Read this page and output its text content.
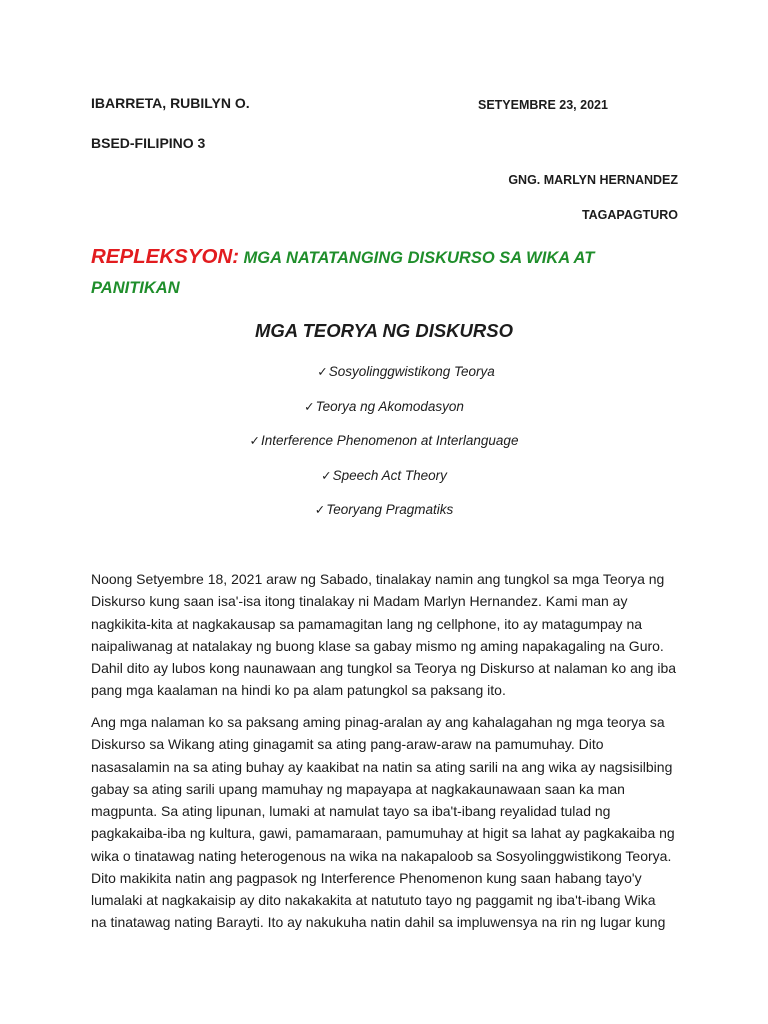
IBARRETA, RUBILYN O.	SETYEMBRE 23, 2021
BSED-FILIPINO 3
GNG. MARLYN HERNANDEZ
TAGAPAGTURO
REPLEKSYON: MGA NATATANGING DISKURSO SA WIKA AT
PANITIKAN
MGA TEORYA NG DISKURSO
✓Sosyolinggwistikong Teorya
✓Teorya ng Akomodasyon
✓Interference Phenomenon at Interlanguage
✓Speech Act Theory
✓Teoryang Pragmatiks
Noong Setyembre 18, 2021 araw ng Sabado, tinalakay namin ang tungkol sa mga Teorya ng
Diskurso kung saan isa'-isa itong tinalakay ni Madam Marlyn Hernandez. Kami man ay
nagkikita-kita at nagkakausap sa pamamagitan lang ng cellphone, ito ay matagumpay na
naipaliwanag at natalakay ng buong klase sa gabay mismo ng aming napakagaling na Guro.
Dahil dito ay lubos kong naunawaan ang tungkol sa Teorya ng Diskurso at nalaman ko ang iba
pang mga kaalaman na hindi ko pa alam patungkol sa paksang ito.
Ang mga nalaman ko sa paksang aming pinag-aralan ay ang kahalagahan ng mga teorya sa
Diskurso sa Wikang ating ginagamit sa ating pang-araw-araw na pamumuhay. Dito
nasasalamin na sa ating buhay ay kaakibat na natin sa ating sarili na ang wika ay nagsisilbing
gabay sa ating sarili upang mamuhay ng mapayapa at nagkakaunawaan saan ka man
magpunta. Sa ating lipunan, lumaki at namulat tayo sa iba't-ibang reyalidad tulad ng
pagkakaiba-iba ng kultura, gawi, pamamaraan, pamumuhay at higit sa lahat ay pagkakaiba ng
wika o tinatawag nating heterogenous na wika na nakapaloob sa Sosyolinggwistikong Teorya.
Dito makikita natin ang pagpasok ng Interference Phenomenon kung saan habang tayo'y
lumalaki at nagkakaisip ay dito nakakakita at natututo tayo ng paggamit ng iba't-ibang Wika
na tinatawag nating Barayti. Ito ay nakukuha natin dahil sa impluwensya na rin ng lugar kung
